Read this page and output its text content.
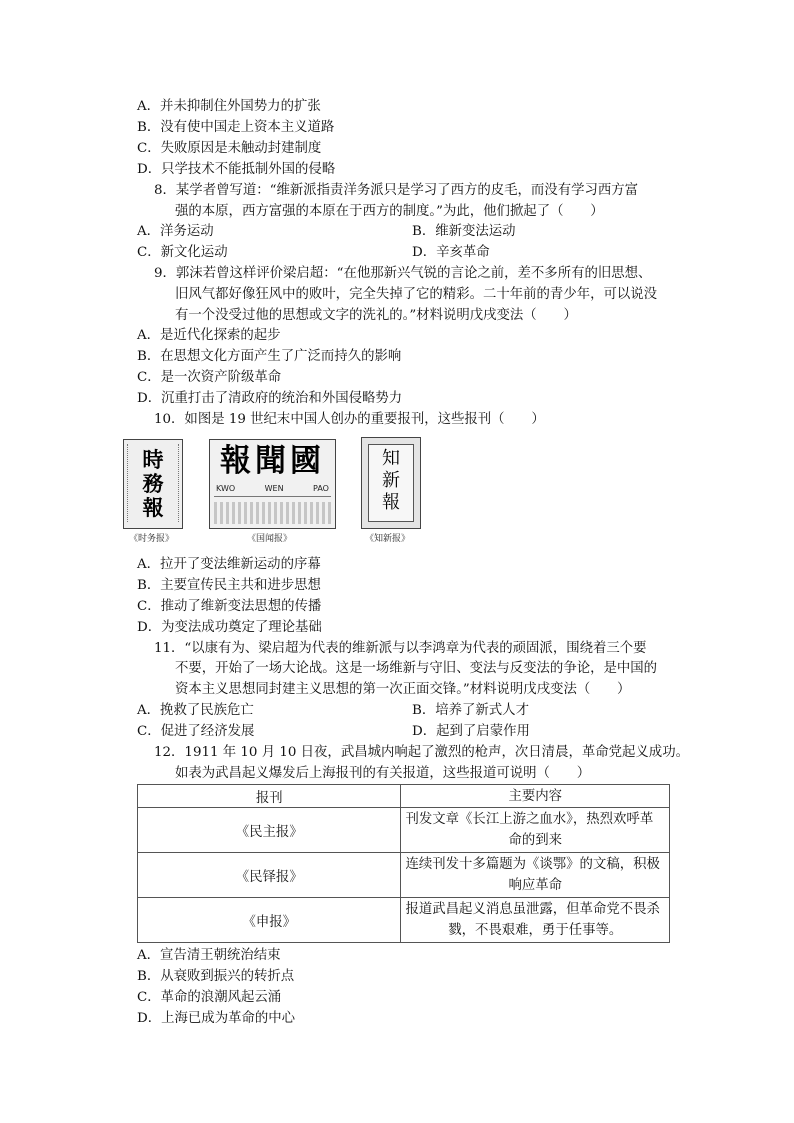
A．并未抑制住外国势力的扩张
B．没有使中国走上资本主义道路
C．失败原因是未触动封建制度
D．只学技术不能抵制外国的侵略
8．某学者曾写道：“维新派指责洋务派只是学习了西方的皮毛，而没有学习西方富
强的本原，西方富强的本原在于西方的制度。”为此，他们掀起了（　　）
A．洋务运动	B．维新变法运动
C．新文化运动	D．辛亥革命
9．郭沫若曾这样评价梁启超：“在他那新兴气锐的言论之前，差不多所有的旧思想、
旧风气都好像狂风中的败叶，完全失掉了它的精彩。二十年前的青少年，可以说没
有一个没受过他的思想或文字的洗礼的。”材料说明戊戌变法（　　）
A．是近代化探索的起步
B．在思想文化方面产生了广泛而持久的影响
C．是一次资产阶级革命
D．沉重打击了清政府的统治和外国侵略势力
10．如图是 19 世纪末中国人创办的重要报刊，这些报刊（　　）
時務報
《时务报》
報聞國
KWO	WEN	PAO
《国闻报》
知新報
《知新报》
A．拉开了变法维新运动的序幕
B．主要宣传民主共和进步思想
C．推动了维新变法思想的传播
D．为变法成功奠定了理论基础
11．“以康有为、梁启超为代表的维新派与以李鸿章为代表的顽固派，围绕着三个要
不要，开始了一场大论战。这是一场维新与守旧、变法与反变法的争论，是中国的
资本主义思想同封建主义思想的第一次正面交锋。”材料说明戊戌变法（　　）
A．挽救了民族危亡	B．培养了新式人才
C．促进了经济发展	D．起到了启蒙作用
12．1911 年 10 月 10 日夜，武昌城内响起了激烈的枪声，次日清晨，革命党起义成功。
如表为武昌起义爆发后上海报刊的有关报道，这些报道可说明（　　）
报刊	主要内容
《民主报》	刊发文章《长江上游之血水》，热烈欢呼革
命的到来

《民铎报》	连续刊发十多篇题为《谈鄂》的文稿，积极
响应革命

《申报》	报道武昌起义消息虽泄露，但革命党不畏杀
戮，不畏艰难，勇于任事等。
A．宣告清王朝统治结束
B．从衰败到振兴的转折点
C．革命的浪潮风起云涌
D．上海已成为革命的中心
